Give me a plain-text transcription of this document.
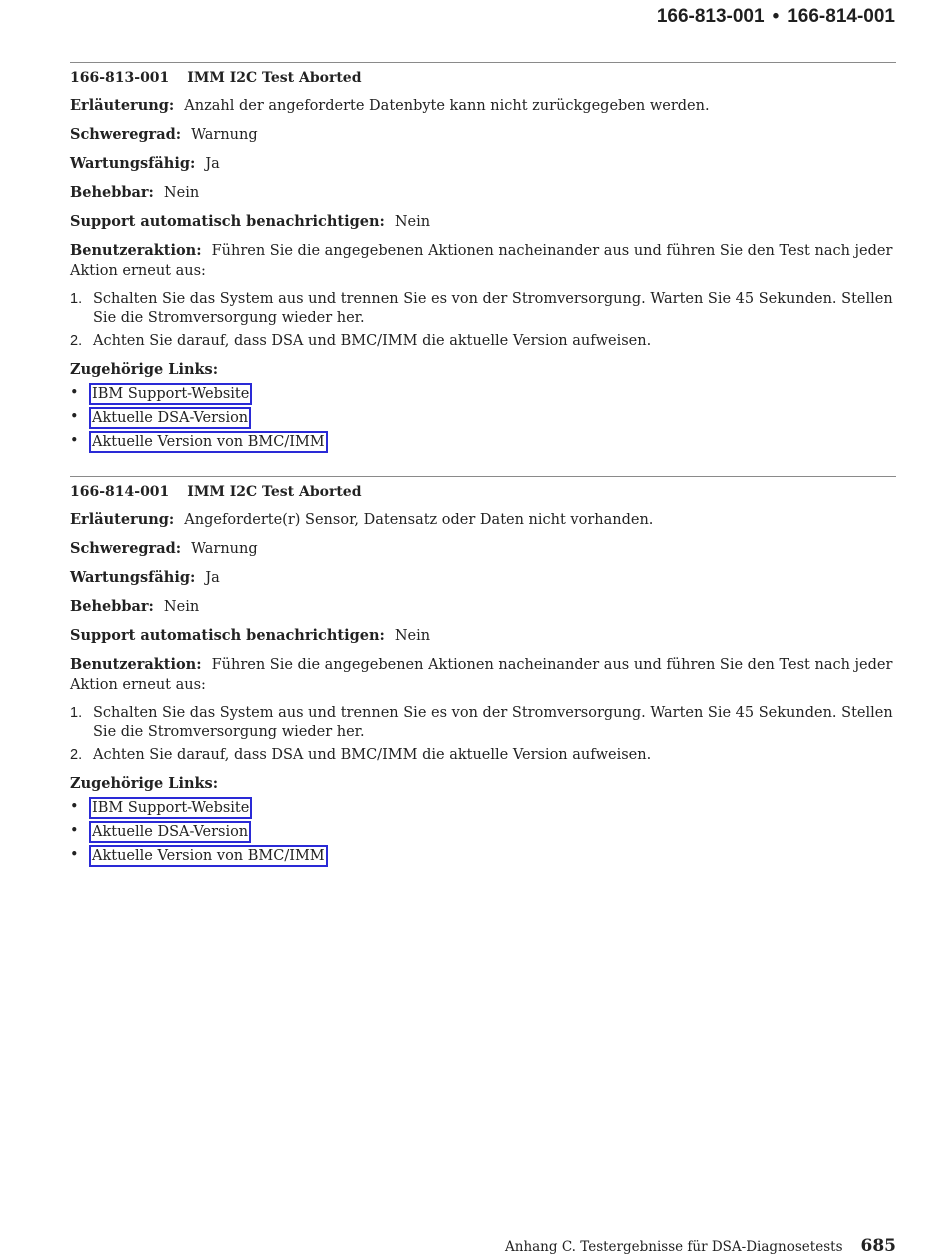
166-813-001 • 166-814-001
166-813-001 IMM I2C Test Aborted
Erläuterung: Anzahl der angeforderte Datenbyte kann nicht zurückgegeben werden.
Schweregrad: Warnung
Wartungsfähig: Ja
Behebbar: Nein
Support automatisch benachrichtigen: Nein
Benutzeraktion: Führen Sie die angegebenen Aktionen nacheinander aus und führen Sie den Test nach jeder Aktion erneut aus:
1. Schalten Sie das System aus und trennen Sie es von der Stromversorgung. Warten Sie 45 Sekunden. Stellen Sie die Stromversorgung wieder her.
2. Achten Sie darauf, dass DSA und BMC/IMM die aktuelle Version aufweisen.
Zugehörige Links:
• IBM Support-Website
• Aktuelle DSA-Version
• Aktuelle Version von BMC/IMM
166-814-001 IMM I2C Test Aborted
Erläuterung: Angeforderte(r) Sensor, Datensatz oder Daten nicht vorhanden.
Schweregrad: Warnung
Wartungsfähig: Ja
Behebbar: Nein
Support automatisch benachrichtigen: Nein
Benutzeraktion: Führen Sie die angegebenen Aktionen nacheinander aus und führen Sie den Test nach jeder Aktion erneut aus:
1. Schalten Sie das System aus und trennen Sie es von der Stromversorgung. Warten Sie 45 Sekunden. Stellen Sie die Stromversorgung wieder her.
2. Achten Sie darauf, dass DSA und BMC/IMM die aktuelle Version aufweisen.
Zugehörige Links:
• IBM Support-Website
• Aktuelle DSA-Version
• Aktuelle Version von BMC/IMM
Anhang C. Testergebnisse für DSA-Diagnosetests 685
